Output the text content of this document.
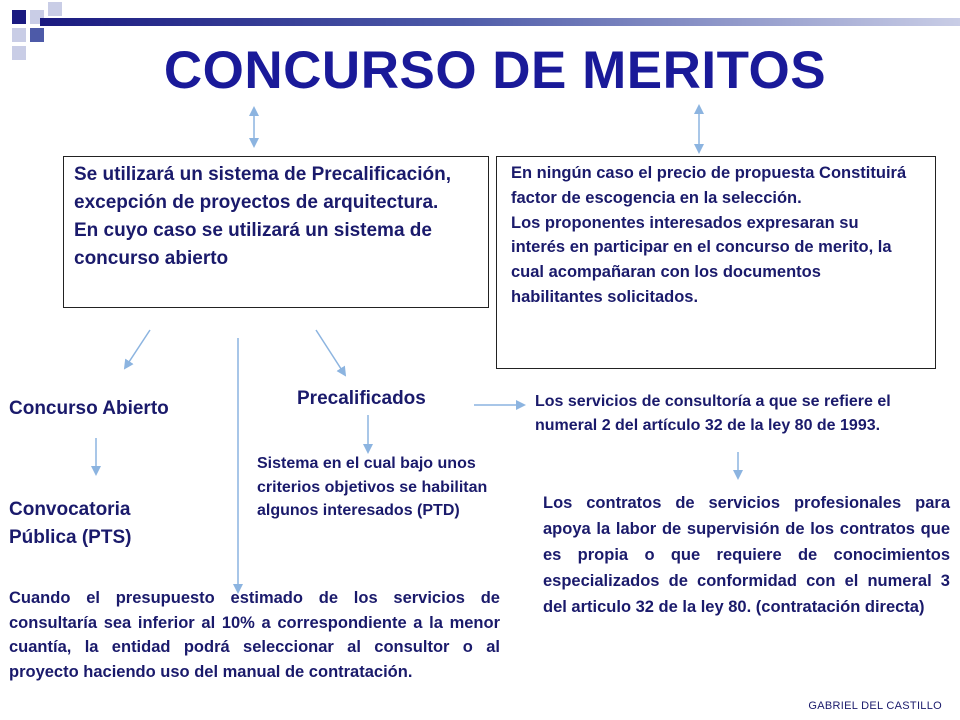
CONCURSO DE MERITOS
Se utilizará un sistema de Precalificación, excepción de proyectos de arquitectura. En cuyo caso se utilizará un sistema de concurso abierto
En ningún caso el precio de propuesta Constituirá factor de escogencia en la selección.
Los proponentes interesados expresaran su interés en participar en el concurso de merito, la cual acompañaran con los documentos habilitantes solicitados.
Concurso Abierto
Convocatoria Pública (PTS)
Precalificados
Sistema en el cual bajo unos criterios objetivos se habilitan algunos interesados (PTD)
Los servicios de consultoría a que se refiere el numeral 2 del artículo 32 de la ley 80 de 1993.
Los contratos de servicios profesionales para apoya la labor de supervisión de los contratos que es propia o que requiere de conocimientos especializados de conformidad con el numeral 3 del articulo 32 de la ley 80. (contratación directa)
Cuando el presupuesto estimado de los servicios de consultaría sea inferior al 10% a correspondiente a la menor cuantía, la entidad podrá seleccionar al consultor o al proyecto haciendo uso del manual de contratación.
GABRIEL DEL CASTILLO
